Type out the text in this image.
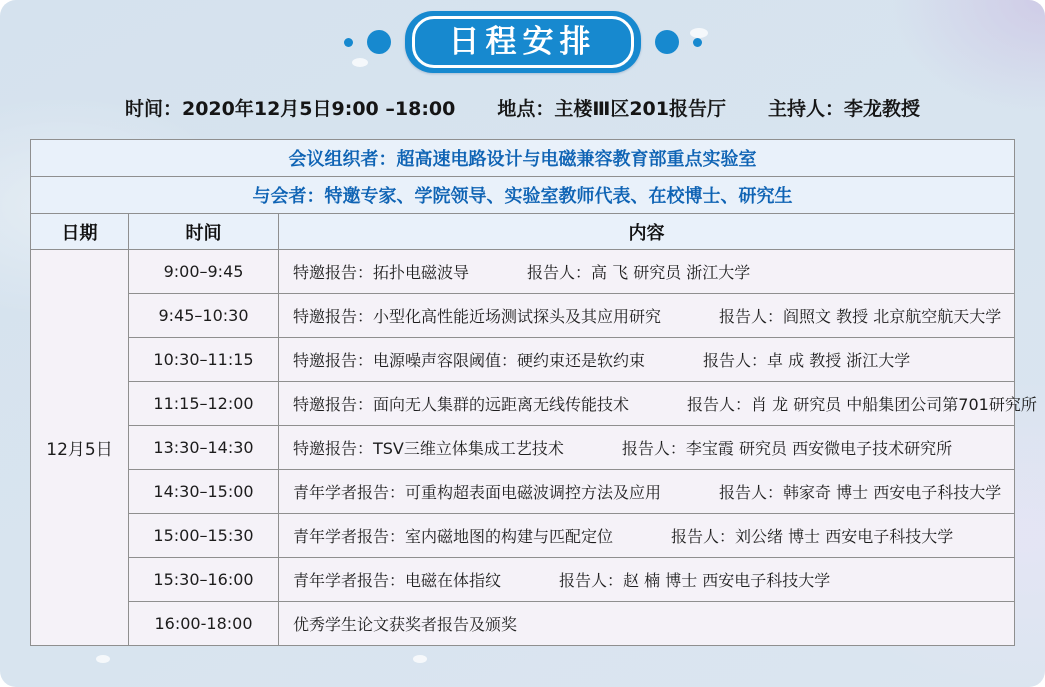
日程安排
时间：2020年12月5日9:00 –18:00 地点：主楼Ⅲ区201报告厅 主持人：李龙教授
会议组织者：超高速电路设计与电磁兼容教育部重点实验室		
与会者：特邀专家、学院领导、实验室教师代表、在校博士、研究生		
日期	时间	内容
12月5日	9:00–9:45	特邀报告：拓扑电磁波导 报告人：高 飞 研究员 浙江大学

	9:45–10:30	特邀报告：小型化高性能近场测试探头及其应用研究 报告人：阎照文 教授 北京航空航天大学

	10:30–11:15	特邀报告：电源噪声容限阈值：硬约束还是软约束 报告人：卓 成 教授 浙江大学

	11:15–12:00	特邀报告：面向无人集群的远距离无线传能技术 报告人：肖 龙 研究员 中船集团公司第701研究所

	13:30–14:30	特邀报告：TSV三维立体集成工艺技术 报告人：李宝霞 研究员 西安微电子技术研究所

	14:30–15:00	青年学者报告：可重构超表面电磁波调控方法及应用 报告人：韩家奇 博士 西安电子科技大学

	15:00–15:30	青年学者报告：室内磁地图的构建与匹配定位 报告人：刘公绪 博士 西安电子科技大学

	15:30–16:00	青年学者报告：电磁在体指纹 报告人：赵 楠 博士 西安电子科技大学

	16:00-18:00	优秀学生论文获奖者报告及颁奖
